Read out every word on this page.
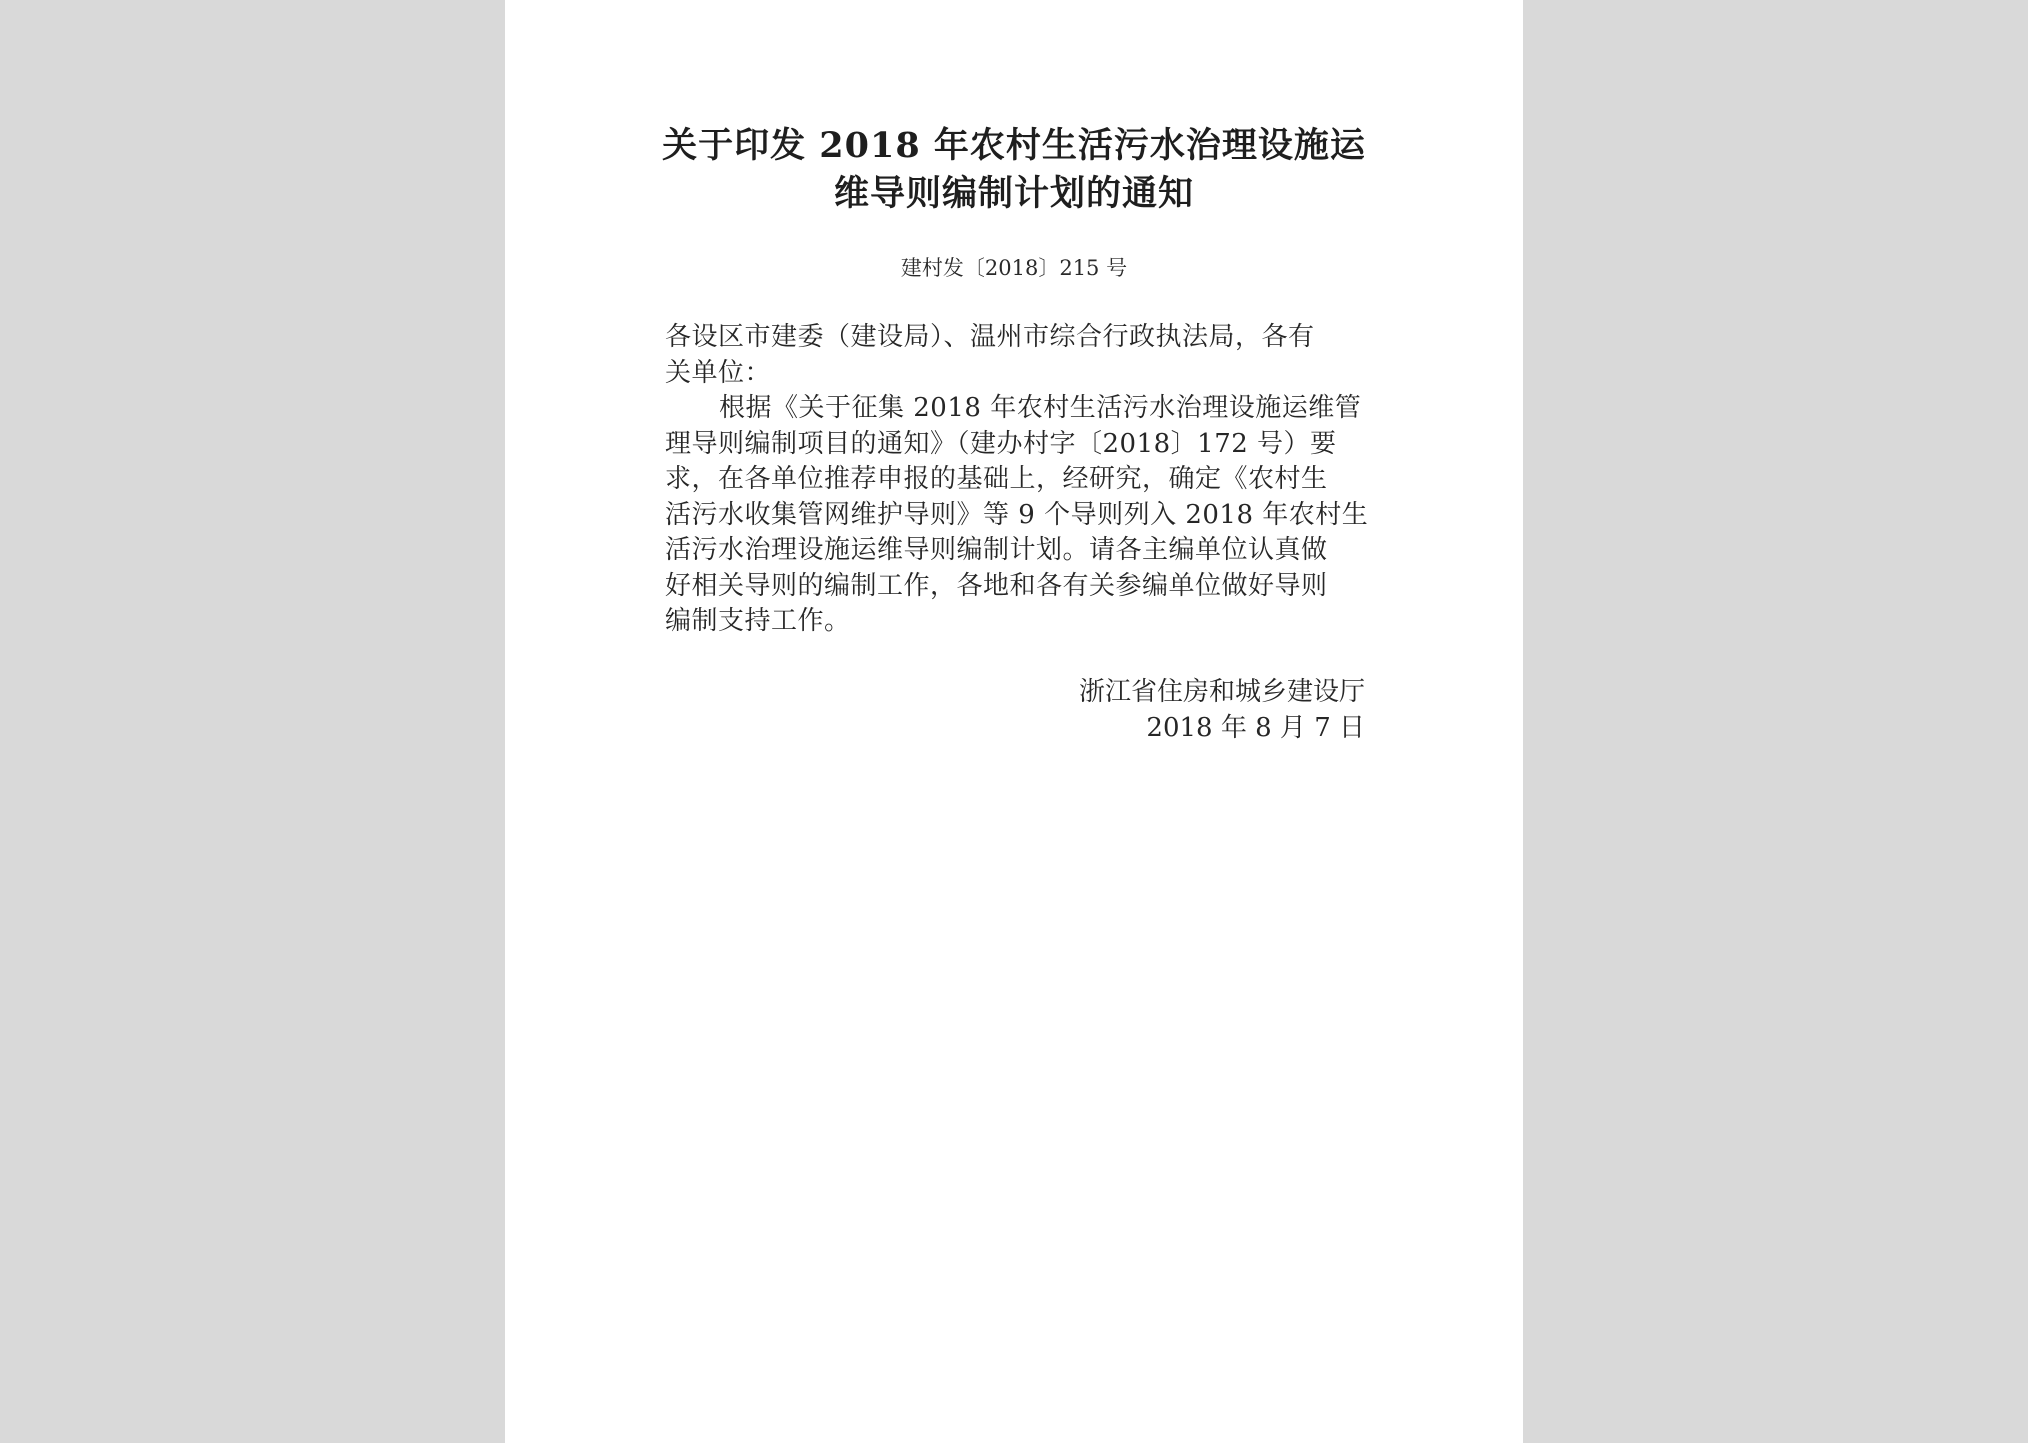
关于印发 2018 年农村生活污水治理设施运
维导则编制计划的通知
建村发〔2018〕215 号
各设区市建委（建设局）、温州市综合行政执法局，各有
关单位：
根据《关于征集 2018 年农村生活污水治理设施运维管
理导则编制项目的通知》（建办村字〔2018〕172 号）要
求，在各单位推荐申报的基础上，经研究，确定《农村生
活污水收集管网维护导则》等 9 个导则列入 2018 年农村生
活污水治理设施运维导则编制计划。请各主编单位认真做
好相关导则的编制工作，各地和各有关参编单位做好导则
编制支持工作。
浙江省住房和城乡建设厅
2018 年 8 月 7 日
